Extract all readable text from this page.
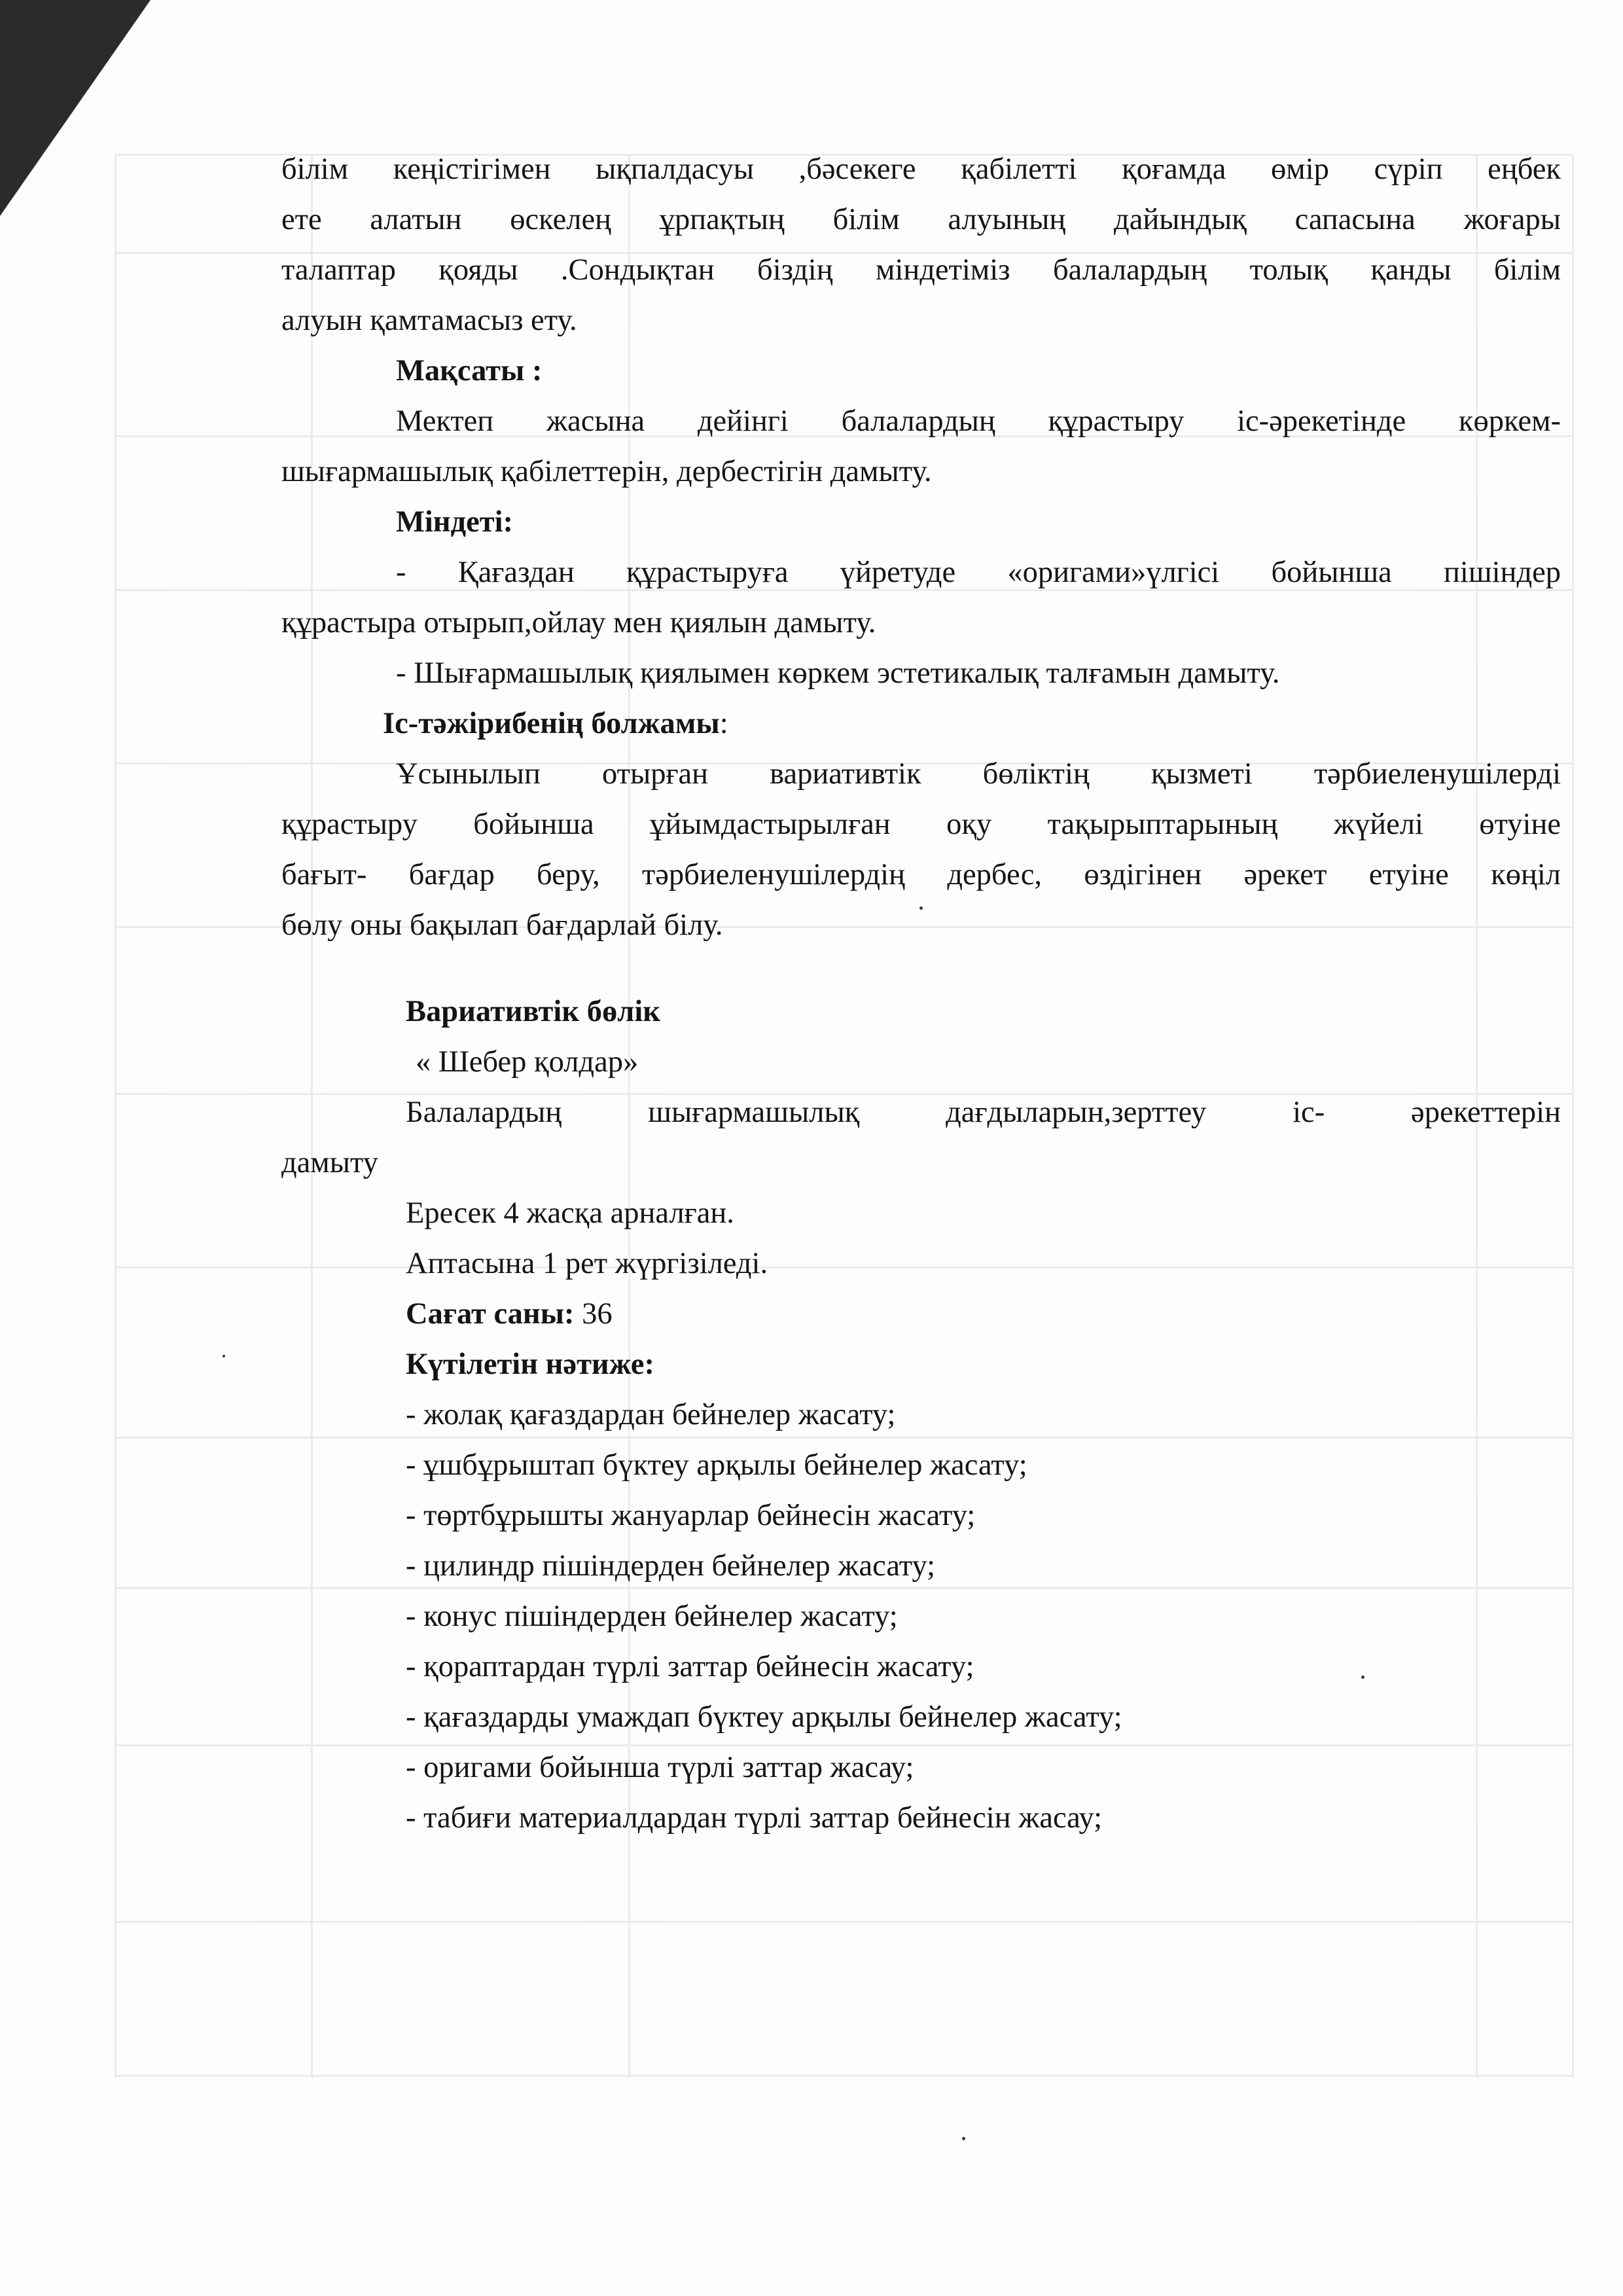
білім кеңістігімен ықпалдасуы ,бәсекеге қабілетті қоғамда өмір сүріп еңбек

ете алатын өскелең ұрпақтың білім алуының дайындық сапасына жоғары

талаптар қояды .Сондықтан біздің міндетіміз балалардың толық қанды білім

алуын қамтамасыз ету.

Мақсаты :

Мектеп жасына дейінгі балалардың құрастыру іс-әрекетінде көркем-

шығармашылық қабілеттерін, дербестігін дамыту.

Міндеті:

- Қағаздан құрастыруға үйретуде «оригами»үлгісі бойынша пішіндер

құрастыра отырып,ойлау мен қиялын дамыту.

- Шығармашылық қиялымен көркем эстетикалық талғамын дамыту.

Іс-тәжірибенің болжамы:

Ұсынылып отырған вариативтік бөліктің қызметі тәрбиеленушілерді

құрастыру бойынша ұйымдастырылған оқу тақырыптарының жүйелі өтуіне

бағыт- бағдар беру, тәрбиеленушілердің дербес, өздігінен әрекет етуіне көңіл

бөлу оны бақылап бағдарлай білу.

Вариативтік бөлік

« Шебер қолдар»

Балалардың шығармашылық дағдыларын,зерттеу іс- әрекеттерін

дамыту

Ересек 4 жасқа арналған.

Аптасына 1 рет жүргізіледі.

Сағат саны: 36

Күтілетін нәтиже:

- жолақ қағаздардан бейнелер жасату;

- ұшбұрыштап бүктеу арқылы бейнелер жасату;

- төртбұрышты жануарлар бейнесін жасату;

- цилиндр пішіндерден бейнелер жасату;

- конус пішіндерден бейнелер жасату;

- қораптардан түрлі заттар бейнесін жасату;

- қағаздарды умаждап бүктеу арқылы бейнелер жасату;

- оригами бойынша түрлі заттар жасау;

- табиғи материалдардан түрлі заттар бейнесін жасау;
